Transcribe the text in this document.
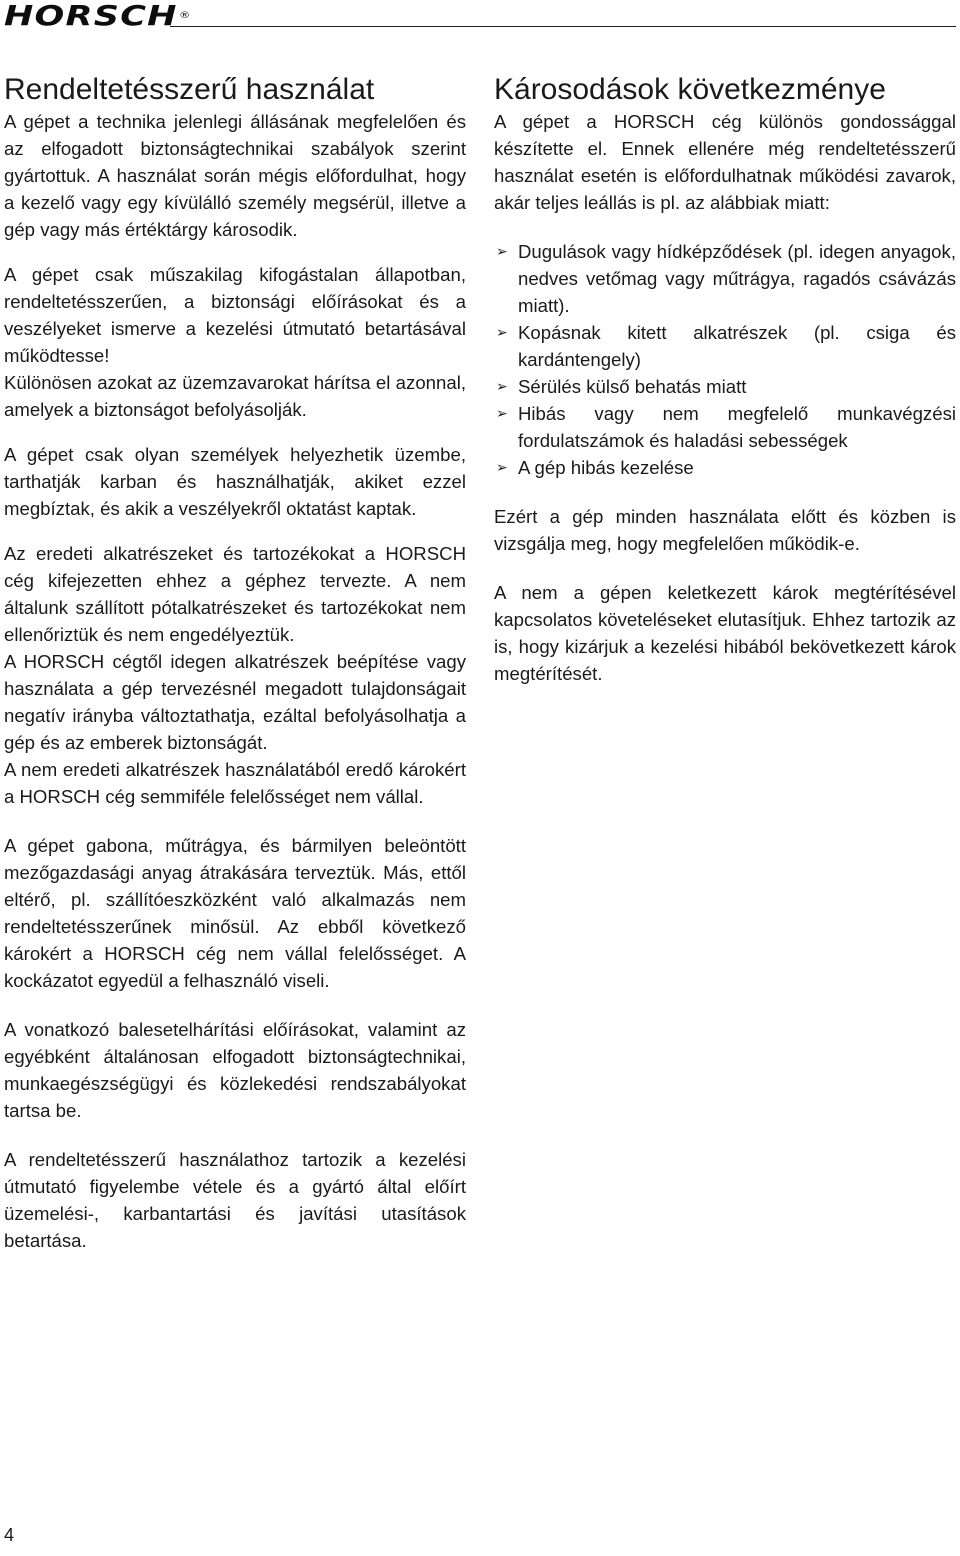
HORSCH®
Rendeltetésszerű használat

A gépet a technika jelenlegi állásának megfelelően és az elfogadott biztonságtechnikai szabályok szerint gyártottuk. A használat során mégis előfordulhat, hogy a kezelő vagy egy kívülálló személy megsérül, illetve a gép vagy más értéktárgy károsodik.

A gépet csak műszakilag kifogástalan állapotban, rendeltetésszerűen, a biztonsági előírásokat és a veszélyeket ismerve a kezelési útmutató betartásával működtesse!

Különösen azokat az üzemzavarokat hárítsa el azonnal, amelyek a biztonságot befolyásolják.

A gépet csak olyan személyek helyezhetik üzembe, tarthatják karban és használhatják, akiket ezzel megbíztak, és akik a veszélyekről oktatást kaptak.

Az eredeti alkatrészeket és tartozékokat a HORSCH cég kifejezetten ehhez a géphez tervezte. A nem általunk szállított pótalkatrészeket és tartozékokat nem ellenőriztük és nem engedélyeztük.

A HORSCH cégtől idegen alkatrészek beépítése vagy használata a gép tervezésnél megadott tulajdonságait negatív irányba változtathatja, ezáltal befolyásolhatja a gép és az emberek biztonságát.

A nem eredeti alkatrészek használatából eredő károkért a HORSCH cég semmiféle felelősséget nem vállal.

A gépet gabona, műtrágya, és bármilyen beleöntött mezőgazdasági anyag átrakására terveztük. Más, ettől eltérő, pl. szállítóeszközként való alkalmazás nem rendeltetésszerűnek minősül. Az ebből következő károkért a HORSCH cég nem vállal felelősséget. A kockázatot egyedül a felhasználó viseli.

A vonatkozó balesetelhárítási előírásokat, valamint az egyébként általánosan elfogadott biztonságtechnikai, munkaegészségügyi és közlekedési rendszabályokat tartsa be.

A rendeltetésszerű használathoz tartozik a kezelési útmutató figyelembe vétele és a gyártó által előírt üzemelési-, karbantartási és javítási utasítások betartása.

Károsodások következménye

A gépet a HORSCH cég különös gondossággal készítette el. Ennek ellenére még rendeltetésszerű használat esetén is előfordulhatnak működési zavarok, akár teljes leállás is pl. az alábbiak miatt:

➢ Dugulások vagy hídképződések (pl. idegen anyagok, nedves vetőmag vagy műtrágya, ragadós csávázás miatt).
➢ Kopásnak kitett alkatrészek (pl. csiga és kardántengely)
➢ Sérülés külső behatás miatt
➢ Hibás vagy nem megfelelő munkavégzési fordulatszámok és haladási sebességek
➢ A gép hibás kezelése

Ezért a gép minden használata előtt és közben is vizsgálja meg, hogy megfelelően működik-e.

A nem a gépen keletkezett károk megtérítésével kapcsolatos követeléseket elutasítjuk. Ehhez tartozik az is, hogy kizárjuk a kezelési hibából bekövetkezett károk megtérítését.

4
